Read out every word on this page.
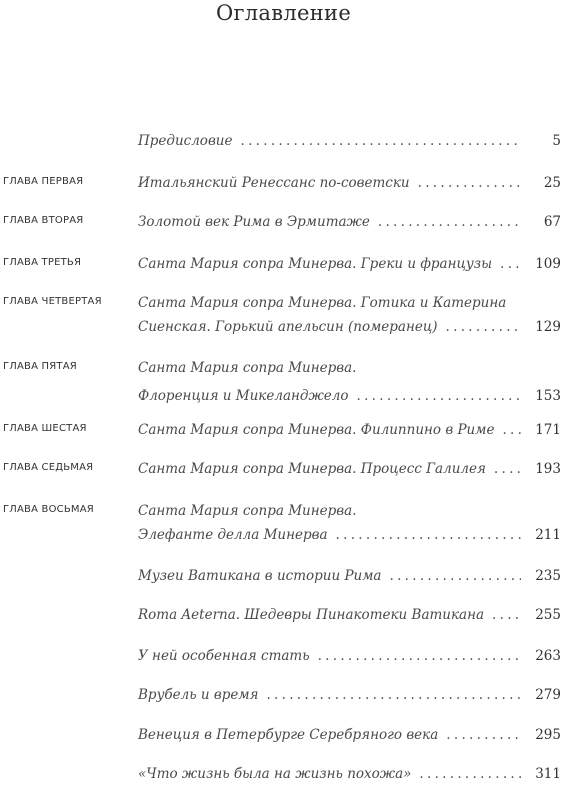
Оглавление
Предисловие . . .	5
ГЛАВА ПЕРВАЯ	Итальянский Ренессанс по-советски . . .	25
ГЛАВА ВТОРАЯ	Золотой век Рима в Эрмитаже . . .	67
ГЛАВА ТРЕТЬЯ	Санта Мария сопра Минерва. Греки и французы . . .	109
ГЛАВА ЧЕТВЕРТАЯ	Санта Мария сопра Минерва. Готика и Катерина
Сиенская. Горький апельсин (померанец) . . .	129
ГЛАВА ПЯТАЯ	Санта Мария сопра Минерва.
Флоренция и Микеланджело . . .	153
ГЛАВА ШЕСТАЯ	Санта Мария сопра Минерва. Филиппино в Риме . . .	171
ГЛАВА СЕДЬМАЯ	Санта Мария сопра Минерва. Процесс Галилея . . .	193
ГЛАВА ВОСЬМАЯ	Санта Мария сопра Минерва.
Элефанте делла Минерва . . .	211
Музеи Ватикана в истории Рима . . .	235
Roma Aeterna. Шедевры Пинакотеки Ватикана . . .	255
У ней особенная стать . . .	263
Врубель и время . . .	279
Венеция в Петербурге Серебряного века . . .	295
«Что жизнь была на жизнь похожа» . . .	311
